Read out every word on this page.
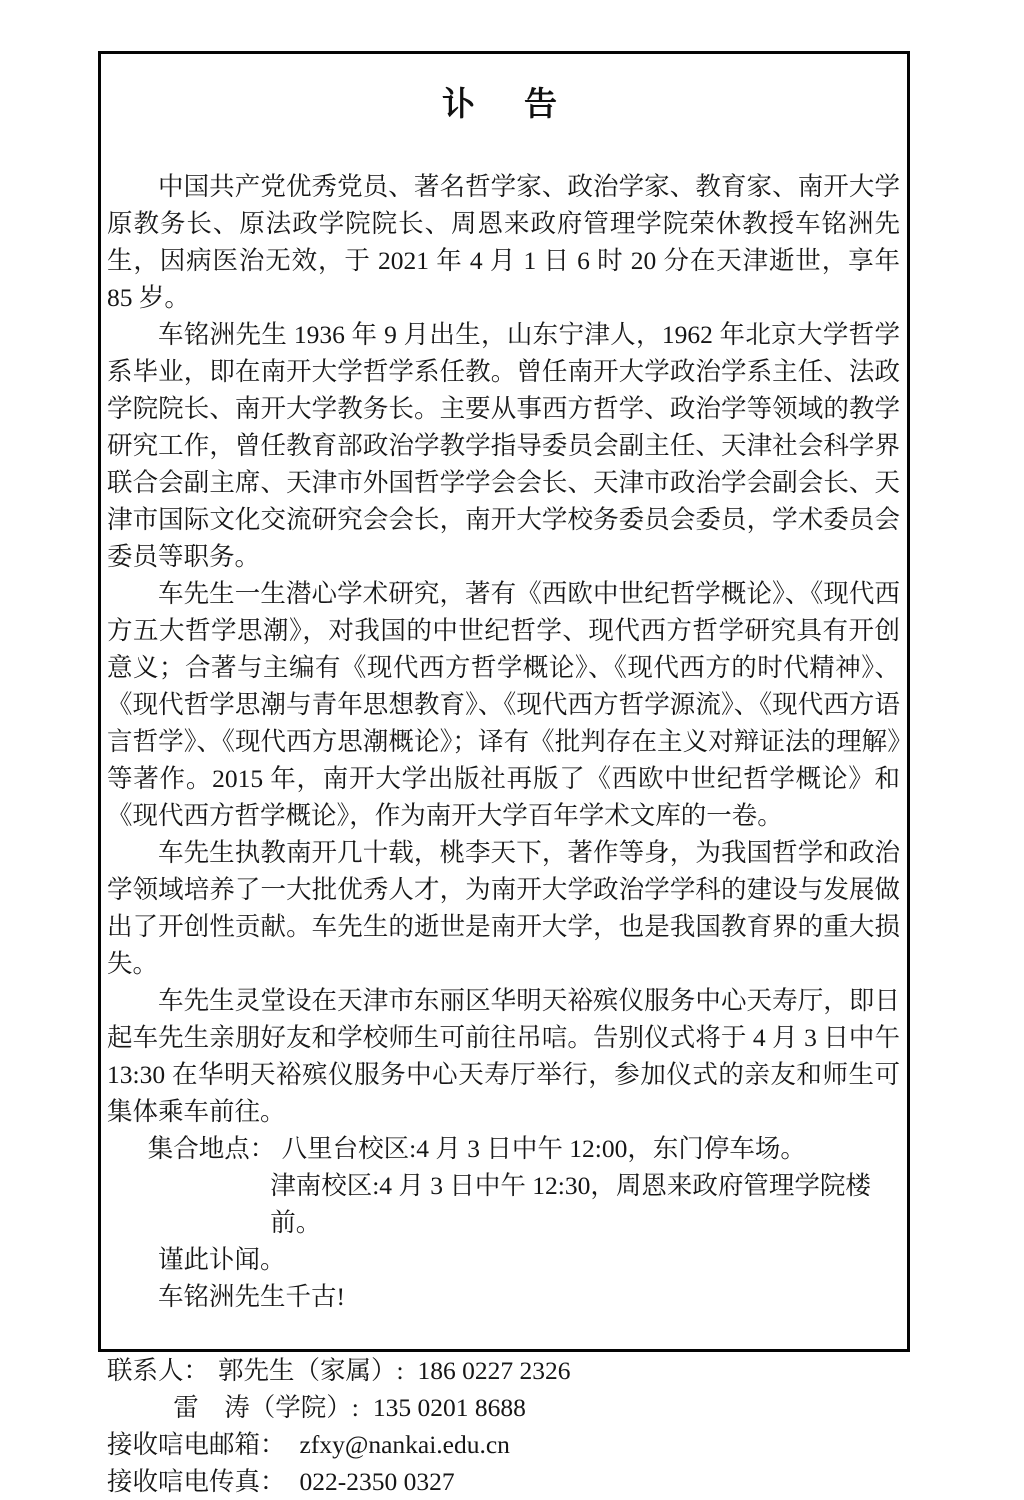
讣　告

中国共产党优秀党员、著名哲学家、政治学家、教育家、南开大学原教务长、原法政学院院长、周恩来政府管理学院荣休教授车铭洲先生，因病医治无效，于 2021 年 4 月 1 日 6 时 20 分在天津逝世，享年 85 岁。

车铭洲先生 1936 年 9 月出生，山东宁津人，1962 年北京大学哲学系毕业，即在南开大学哲学系任教。曾任南开大学政治学系主任、法政学院院长、南开大学教务长。主要从事西方哲学、政治学等领域的教学研究工作，曾任教育部政治学教学指导委员会副主任、天津社会科学界联合会副主席、天津市外国哲学学会会长、天津市政治学会副会长、天津市国际文化交流研究会会长，南开大学校务委员会委员，学术委员会委员等职务。

车先生一生潜心学术研究，著有《西欧中世纪哲学概论》、《现代西方五大哲学思潮》，对我国的中世纪哲学、现代西方哲学研究具有开创意义；合著与主编有《现代西方哲学概论》、《现代西方的时代精神》、《现代哲学思潮与青年思想教育》、《现代西方哲学源流》、《现代西方语言哲学》、《现代西方思潮概论》；译有《批判存在主义对辩证法的理解》等著作。2015 年，南开大学出版社再版了《西欧中世纪哲学概论》和《现代西方哲学概论》，作为南开大学百年学术文库的一卷。

车先生执教南开几十载，桃李天下，著作等身，为我国哲学和政治学领域培养了一大批优秀人才，为南开大学政治学学科的建设与发展做出了开创性贡献。车先生的逝世是南开大学，也是我国教育界的重大损失。

车先生灵堂设在天津市东丽区华明天裕殡仪服务中心天寿厅，即日起车先生亲朋好友和学校师生可前往吊唁。告别仪式将于 4 月 3 日中午 13:30 在华明天裕殡仪服务中心天寿厅举行，参加仪式的亲友和师生可集体乘车前往。

集合地点： 八里台校区:4 月 3 日中午 12:00，东门停车场。

津南校区:4 月 3 日中午 12:30，周恩来政府管理学院楼前。

谨此讣闻。

车铭洲先生千古!

联系人： 郭先生（家属）: 186 0227 2326

雷　涛（学院）: 135 0201 8688

接收唁电邮箱： zfxy@nankai.edu.cn

接收唁电传真： 022-2350 0327
